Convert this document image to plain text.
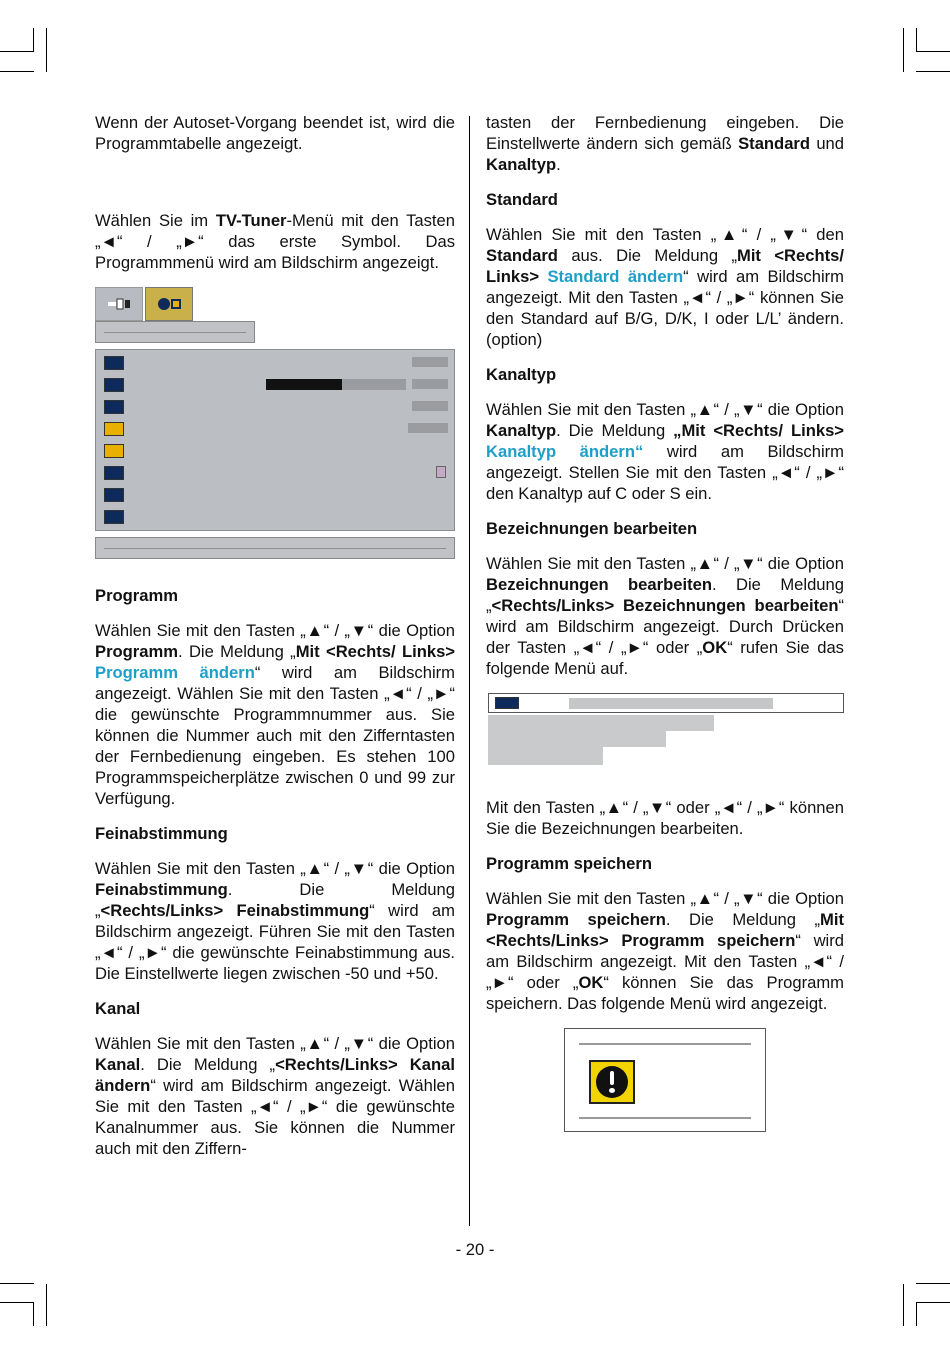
Wenn der Autoset-Vorgang beendet ist, wird die Programmtabelle angezeigt.

Wählen Sie im TV-Tuner-Menü mit den Tasten „◄“ / „►“ das erste Symbol. Das Programmmenü wird am Bildschirm angezeigt.

Programm

Wählen Sie mit den Tasten „▲“ / „▼“ die Option Programm. Die Meldung „Mit <Rechts/ Links> Programm ändern“ wird am Bildschirm angezeigt. Wählen Sie mit den Tasten „◄“ / „►“ die gewünschte Programmnummer aus. Sie können die Nummer auch mit den Zifferntasten der Fernbedienung eingeben. Es stehen 100 Programmspeicherplätze zwischen 0 und 99 zur Verfügung.

Feinabstimmung

Wählen Sie mit den Tasten „▲“ / „▼“ die Option Feinabstimmung. Die Meldung „<Rechts/Links> Feinabstimmung“ wird am Bildschirm angezeigt. Führen Sie mit den Tasten „◄“ / „►“ die gewünschte Feinabstimmung aus. Die Einstellwerte liegen zwischen -50 und +50.

Kanal

Wählen Sie mit den Tasten „▲“ / „▼“ die Option Kanal. Die Meldung „<Rechts/Links> Kanal ändern“ wird am Bildschirm angezeigt. Wählen Sie mit den Tasten „◄“ / „►“ die gewünschte Kanalnummer aus. Sie können die Nummer auch mit den Ziffern-

tasten der Fernbedienung eingeben. Die Einstellwerte ändern sich gemäß Standard und Kanaltyp.

Standard

Wählen Sie mit den Tasten „▲“ / „▼“ den Standard aus. Die Meldung „Mit <Rechts/ Links> Standard ändern“ wird am Bildschirm angezeigt. Mit den Tasten „◄“ / „►“ können Sie den Standard auf B/G, D/K, I oder L/L’ ändern. (option)

Kanaltyp

Wählen Sie mit den Tasten „▲“ / „▼“ die Option Kanaltyp. Die Meldung „Mit <Rechts/ Links> Kanaltyp ändern“ wird am Bildschirm angezeigt. Stellen Sie mit den Tasten „◄“ / „►“ den Kanaltyp auf C oder S ein.

Bezeichnungen bearbeiten

Wählen Sie mit den Tasten „▲“ / „▼“ die Option Bezeichnungen bearbeiten. Die Meldung „<Rechts/Links> Bezeichnungen bearbeiten“ wird am Bildschirm angezeigt. Durch Drücken der Tasten „◄“ / „►“ oder „OK“ rufen Sie das folgende Menü auf.

Mit den Tasten „▲“ / „▼“ oder „◄“ / „►“ können Sie die Bezeichnungen bearbeiten.

Programm speichern

Wählen Sie mit den Tasten „▲“ / „▼“ die Option Programm speichern. Die Meldung „Mit <Rechts/Links> Programm speichern“ wird am Bildschirm angezeigt. Mit den Tasten „◄“ / „►“ oder „OK“ können Sie das Programm speichern. Das folgende Menü wird angezeigt.

- 20 -
